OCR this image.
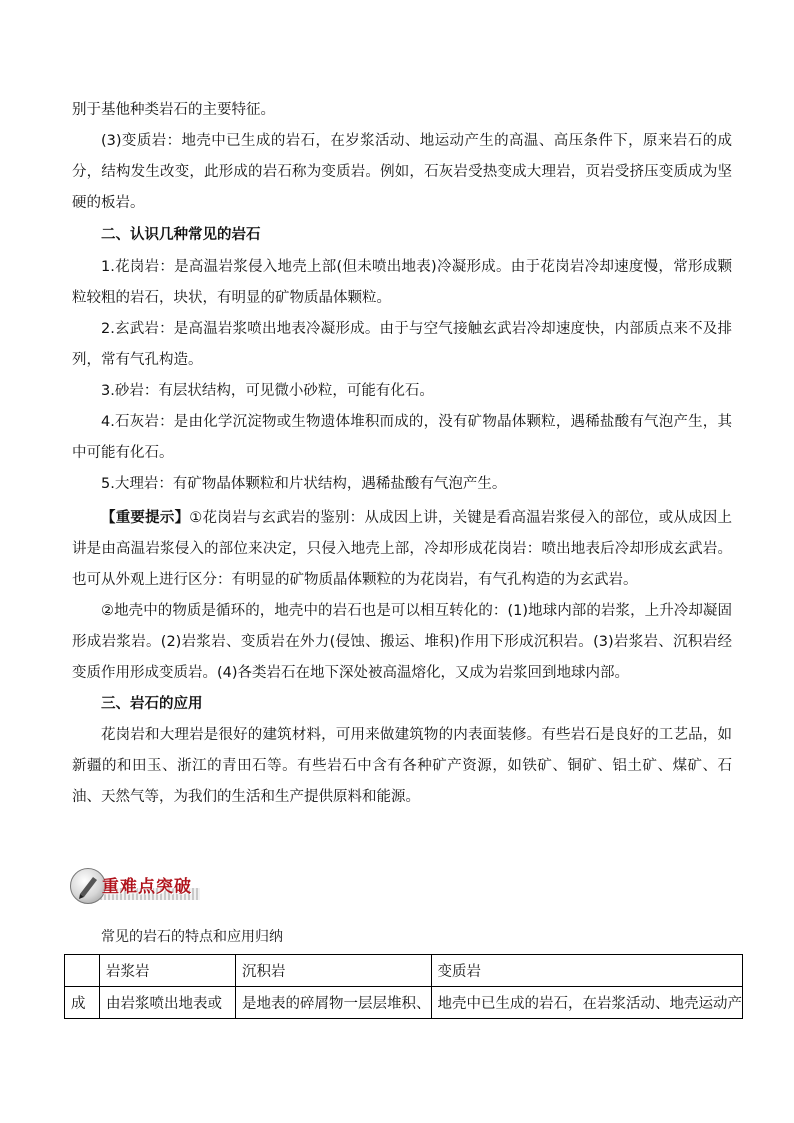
别于基他种类岩石的主要特征。

(3)变质岩：地壳中已生成的岩石，在岁浆活动、地运动产生的高温、高压条件下，原来岩石的成分，结构发生改变，此形成的岩石称为变质岩。例如，石灰岩受热变成大理岩，页岩受挤压变质成为坚硬的板岩。

二、认识几种常见的岩石

1.花岗岩：是高温岩浆侵入地壳上部(但未喷出地表)冷凝形成。由于花岗岩冷却速度慢，常形成颗粒较粗的岩石，块状，有明显的矿物质晶体颗粒。

2.玄武岩：是高温岩浆喷出地表冷凝形成。由于与空气接触玄武岩冷却速度快，内部质点来不及排列，常有气孔构造。

3.砂岩：有层状结构，可见微小砂粒，可能有化石。

4.石灰岩：是由化学沉淀物或生物遗体堆积而成的，没有矿物晶体颗粒，遇稀盐酸有气泡产生，其中可能有化石。

5.大理岩：有矿物晶体颗粒和片状结构，遇稀盐酸有气泡产生。

【重要提示】①花岗岩与玄武岩的鉴别：从成因上讲，关键是看高温岩浆侵入的部位，或从成因上讲是由高温岩浆侵入的部位来决定，只侵入地壳上部，冷却形成花岗岩：喷出地表后冷却形成玄武岩。也可从外观上进行区分：有明显的矿物质晶体颗粒的为花岗岩，有气孔构造的为玄武岩。

②地壳中的物质是循环的，地壳中的岩石也是可以相互转化的：(1)地球内部的岩浆，上升冷却凝固形成岩浆岩。(2)岩浆岩、变质岩在外力(侵蚀、搬运、堆积)作用下形成沉积岩。(3)岩浆岩、沉积岩经变质作用形成变质岩。(4)各类岩石在地下深处被高温熔化，又成为岩浆回到地球内部。

三、岩石的应用

花岗岩和大理岩是很好的建筑材料，可用来做建筑物的内表面装修。有些岩石是良好的工艺品，如新疆的和田玉、浙江的青田石等。有些岩石中含有各种矿产资源，如铁矿、铜矿、铝土矿、煤矿、石油、天然气等，为我们的生活和生产提供原料和能源。

重难点突破
常见的岩石的特点和应用归纳
	岩浆岩	沉积岩	变质岩
成	由岩浆喷出地表或	是地表的碎屑物一层层堆积、	地壳中已生成的岩石，在岩浆活动、地壳运动产
